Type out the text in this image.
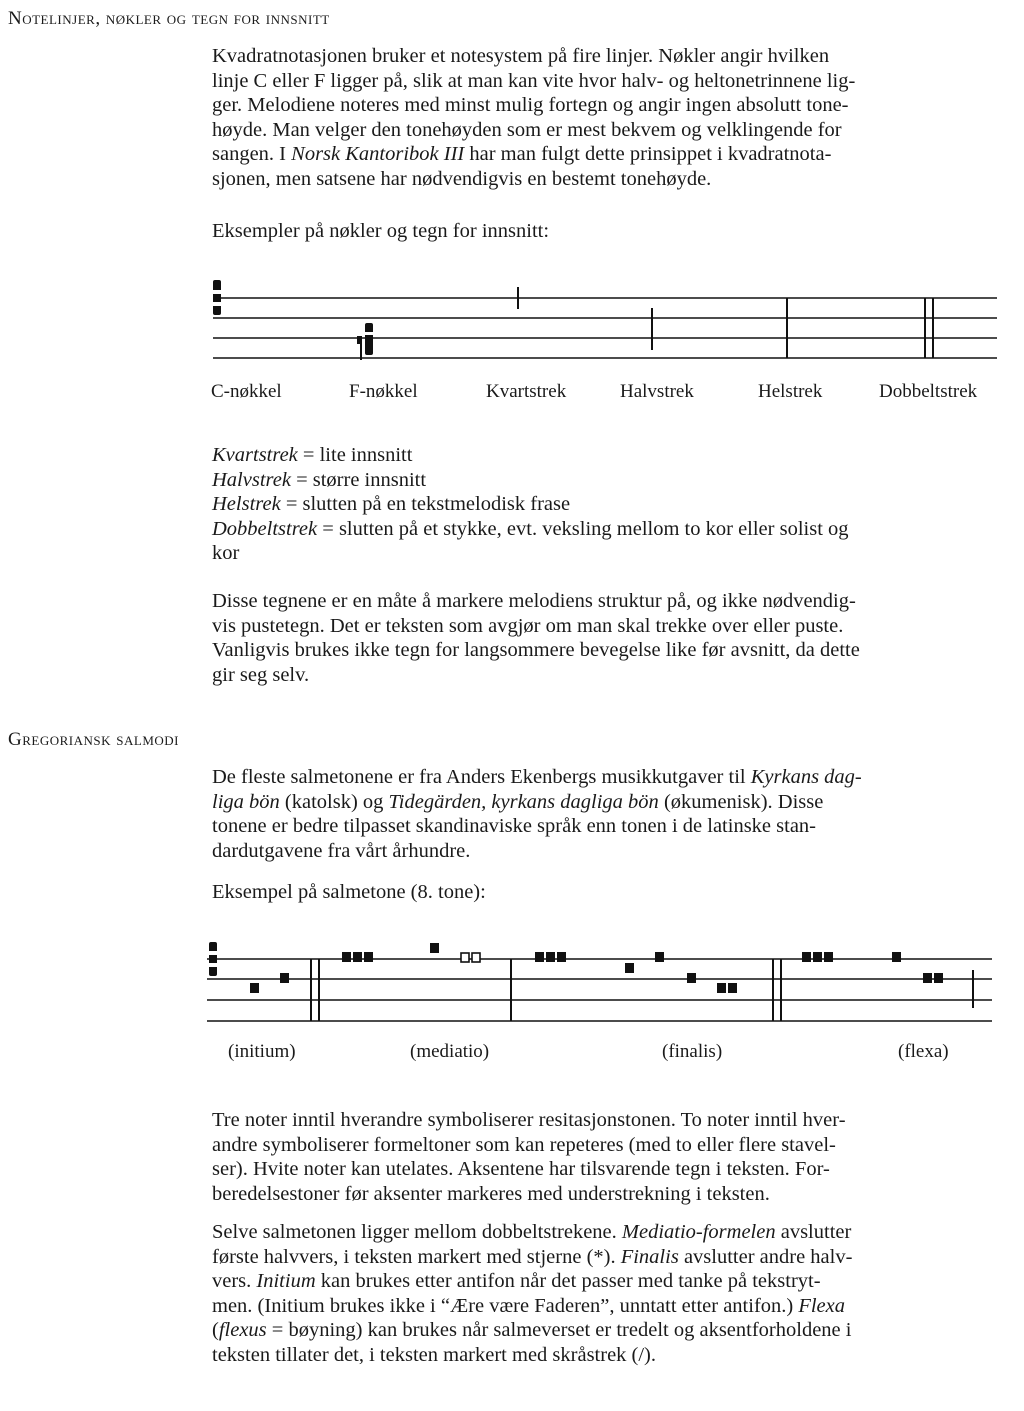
Notelinjer, nøkler og tegn for innsnitt
Kvadratnotasjonen bruker et notesystem på fire linjer. Nøkler angir hvilken
linje C eller F ligger på, slik at man kan vite hvor halv- og heltonetrinnene lig-
ger. Melodiene noteres med minst mulig fortegn og angir ingen absolutt tone-
høyde. Man velger den tonehøyden som er mest bekvem og velklingende for
sangen. I Norsk Kantoribok III har man fulgt dette prinsippet i kvadratnota-
sjonen, men satsene har nødvendigvis en bestemt tonehøyde.
Eksempler på nøkler og tegn for innsnitt:
C-nøkkel	F-nøkkel	Kvartstrek	Halvstrek	Helstrek	Dobbeltstrek
Kvartstrek = lite innsnitt
Halvstrek = større innsnitt
Helstrek = slutten på en tekstmelodisk frase
Dobbeltstrek = slutten på et stykke, evt. veksling mellom to kor eller solist og
kor
Disse tegnene er en måte å markere melodiens struktur på, og ikke nødvendig-
vis pustetegn. Det er teksten som avgjør om man skal trekke over eller puste.
Vanligvis brukes ikke tegn for langsommere bevegelse like før avsnitt, da dette
gir seg selv.
Gregoriansk salmodi
De fleste salmetonene er fra Anders Ekenbergs musikkutgaver til Kyrkans dag-
liga bön (katolsk) og Tidegärden, kyrkans dagliga bön (økumenisk). Disse
tonene er bedre tilpasset skandinaviske språk enn tonen i de latinske stan-
dardutgavene fra vårt århundre.
Eksempel på salmetone (8. tone):
(initium)	(mediatio)	(finalis)	(flexa)
Tre noter inntil hverandre symboliserer resitasjonstonen. To noter inntil hver-
andre symboliserer formeltoner som kan repeteres (med to eller flere stavel-
ser). Hvite noter kan utelates. Aksentene har tilsvarende tegn i teksten. For-
beredelsestoner før aksenter markeres med understrekning i teksten.
Selve salmetonen ligger mellom dobbeltstrekene. Mediatio-formelen avslutter
første halvvers, i teksten markert med stjerne (*). Finalis avslutter andre halv-
vers. Initium kan brukes etter antifon når det passer med tanke på tekstryt-
men. (Initium brukes ikke i “Ære være Faderen”, unntatt etter antifon.) Flexa
(flexus = bøyning) kan brukes når salmeverset er tredelt og aksentforholdene i
teksten tillater det, i teksten markert med skråstrek (/).
